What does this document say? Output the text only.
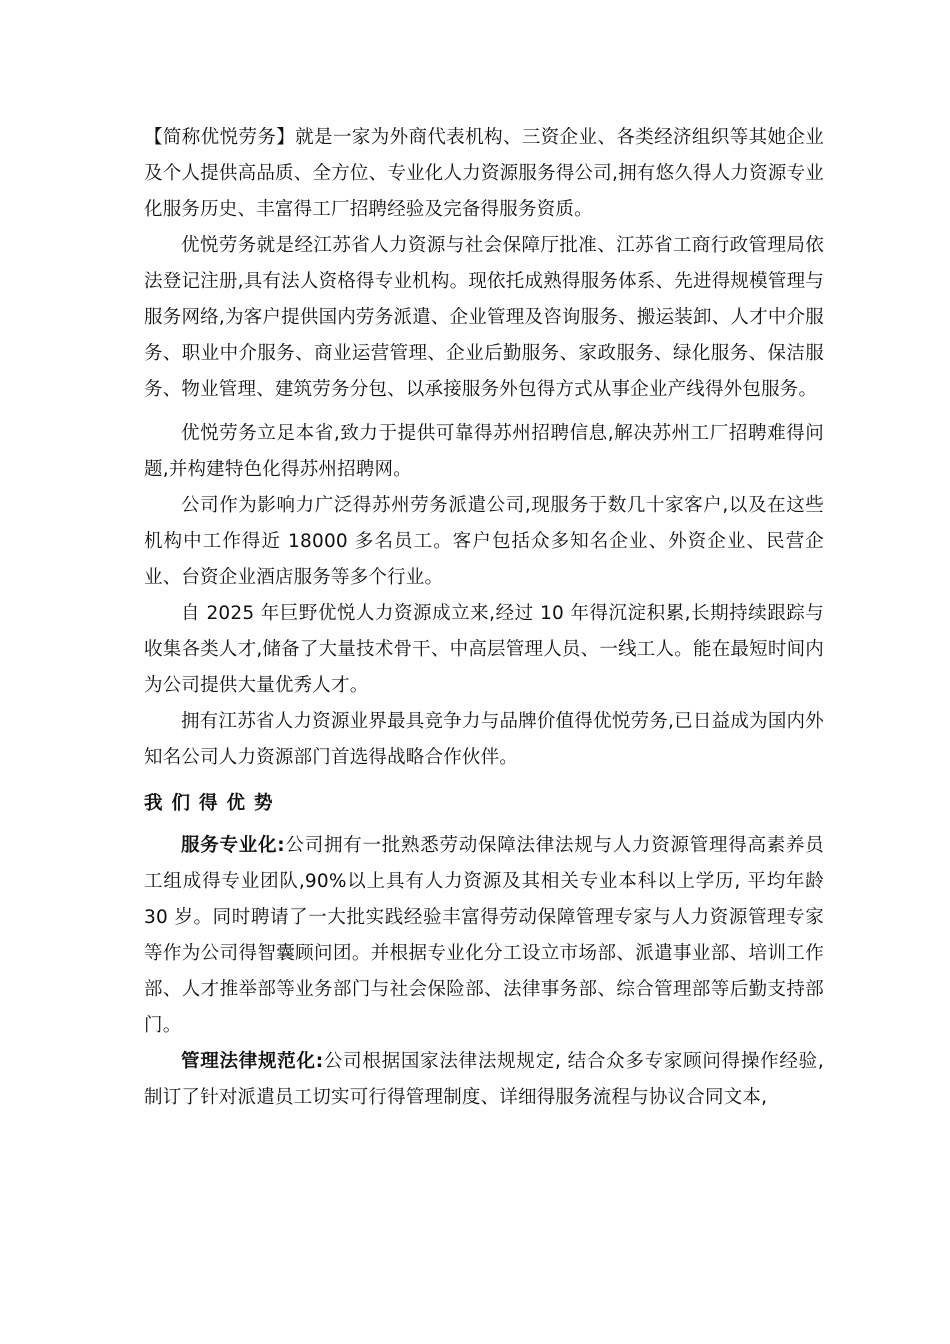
【简称优悦劳务】就是一家为外商代表机构、三资企业、各类经济组织等其她企业及个人提供高品质、全方位、专业化人力资源服务得公司,拥有悠久得人力资源专业化服务历史、丰富得工厂招聘经验及完备得服务资质。

优悦劳务就是经江苏省人力资源与社会保障厅批准、江苏省工商行政管理局依法登记注册,具有法人资格得专业机构。现依托成熟得服务体系、先进得规模管理与服务网络,为客户提供国内劳务派遣、企业管理及咨询服务、搬运装卸、人才中介服务、职业中介服务、商业运营管理、企业后勤服务、家政服务、绿化服务、保洁服务、物业管理、建筑劳务分包、以承接服务外包得方式从事企业产线得外包服务。

优悦劳务立足本省,致力于提供可靠得苏州招聘信息,解决苏州工厂招聘难得问题,并构建特色化得苏州招聘网。

公司作为影响力广泛得苏州劳务派遣公司,现服务于数几十家客户,以及在这些机构中工作得近 18000 多名员工。客户包括众多知名企业、外资企业、民营企业、台资企业酒店服务等多个行业。

自 2025 年巨野优悦人力资源成立来,经过 10 年得沉淀积累,长期持续跟踪与收集各类人才,储备了大量技术骨干、中高层管理人员、一线工人。能在最短时间内为公司提供大量优秀人才。

拥有江苏省人力资源业界最具竞争力与品牌价值得优悦劳务,已日益成为国内外知名公司人力资源部门首选得战略合作伙伴。

我们得优势

服务专业化:公司拥有一批熟悉劳动保障法律法规与人力资源管理得高素养员工组成得专业团队,90%以上具有人力资源及其相关专业本科以上学历, 平均年龄 30 岁。同时聘请了一大批实践经验丰富得劳动保障管理专家与人力资源管理专家等作为公司得智囊顾问团。并根据专业化分工设立市场部、派遣事业部、培训工作部、人才推举部等业务部门与社会保险部、法律事务部、综合管理部等后勤支持部门。

管理法律规范化:公司根据国家法律法规规定, 结合众多专家顾问得操作经验, 制订了针对派遣员工切实可行得管理制度、详细得服务流程与协议合同文本,
